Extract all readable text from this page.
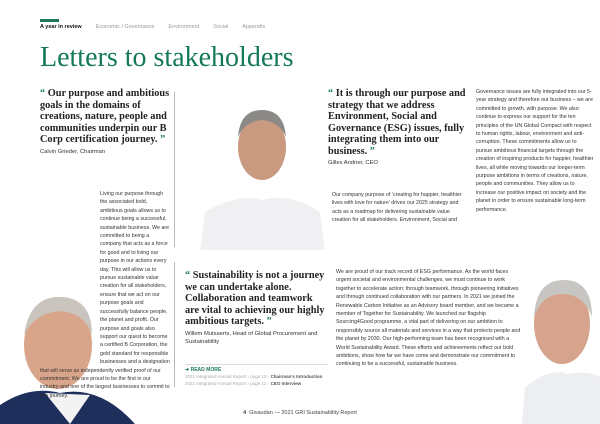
A year in review	Economic / Governance	Environment	Social	Appendix
Letters to stakeholders
“ Our purpose and ambitious goals in the domains of creations, nature, people and communities underpin our B Corp certification journey. ”
Calvin Grieder, Chairman
Living our purpose through the associated bold, ambitious goals allows us to continue being a successful, sustainable business. We are committed to being a company that acts as a force for good and to living our purpose in our actions every day. This will allow us to pursue sustainable value creation for all stakeholders, ensure that we act on our purpose goals and successfully balance people, the planet and profit. Our purpose and goals also support our quest to become a certified B Corporation, the gold standard for responsible businesses and a designation that will serve as independently verified proof of our commitment. We are proud to be the first in our industry and one of the largest businesses to commit to this journey.
“ It is through our purpose and strategy that we address Environment, Social and Governance (ESG) issues, fully integrating them into our business. ”
Gilles Andrier, CEO
Our company purpose of ‘creating for happier, healthier lives with love for nature’ drives our 2025 strategy and acts as a roadmap for delivering sustainable value creation for all stakeholders. Environment, Social and
Governance issues are fully integrated into our 5-year strategy and therefore our business – we are committed to growth, with purpose. We also continue to express our support for the ten principles of the UN Global Compact with respect to human rights, labour, environment and anti-corruption. These commitments allow us to pursue ambitious financial targets through the creation of inspiring products for happier, healthier lives, all while moving towards our longer-term purpose ambitions in terms of creations, nature, people and communities. They allow us to increase our positive impact on society and the planet in order to ensure sustainable long-term performance.
“ Sustainability is not a journey we can undertake alone. Collaboration and teamwork are vital to achieving our highly ambitious targets. ”
Willem Mutsaerts, Head of Global Procurement and Sustainability
➜ READ MORE
2021 Integrated Annual Report › page 10 › Chairman's Introduction
2021 Integrated Annual Report › page 12 › CEO Interview
We are proud of our track record of ESG performance. As the world faces urgent societal and environmental challenges, we must continue to work together to accelerate action: through teamwork, through pioneering initiatives and through continued collaboration with our partners. In 2021 we joined the Renewable Carbon Initiative as an Advisory board member, and we became a member of Together for Sustainability. We launched our flagship Sourcing4Good programme, a vital part of delivering on our ambition to responsibly source all materials and services in a way that protects people and the planet by 2030. Our high-performing team has been recognised with a World Sustainability Award. These efforts and achievements reflect our bold ambitions, show how far we have come and demonstrate our commitment to continuing to be a successful, sustainable business.
4 Givaudan — 2021 GRI Sustainability Report
